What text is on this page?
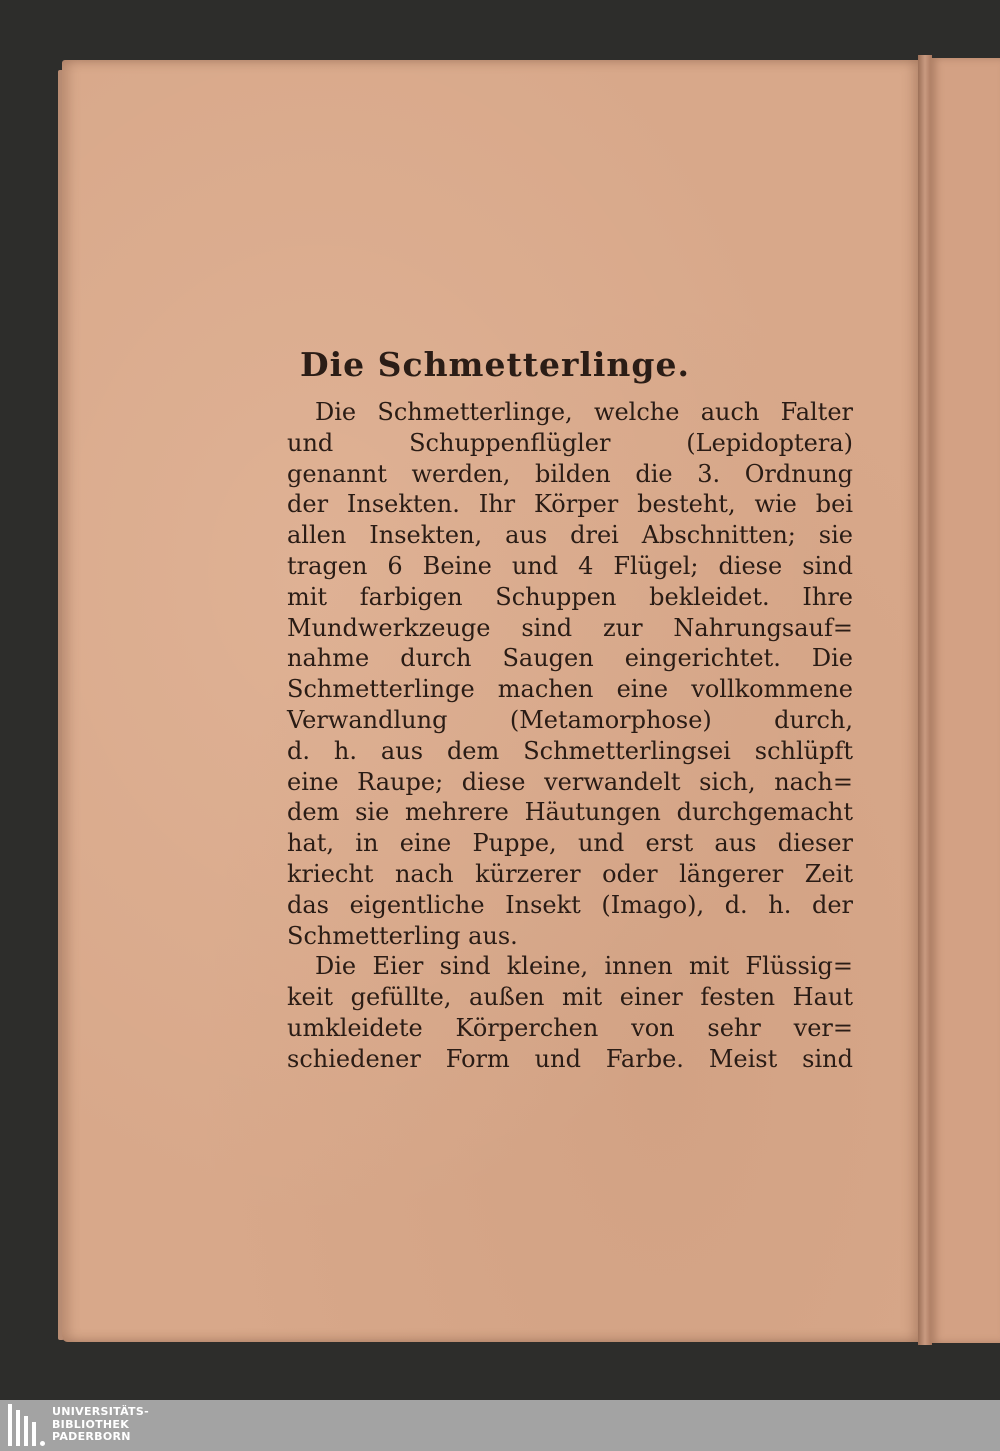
Die Schmetterlinge.
Die Schmetterlinge, welche auch Falter
und Schuppenflügler (Lepidoptera)
genannt werden, bilden die 3. Ordnung
der Insekten. Ihr Körper besteht, wie bei
allen Insekten, aus drei Abschnitten; sie
tragen 6 Beine und 4 Flügel; diese sind
mit farbigen Schuppen bekleidet. Ihre
Mundwerkzeuge sind zur Nahrungsauf=
nahme durch Saugen eingerichtet. Die
Schmetterlinge machen eine vollkommene
Verwandlung (Metamorphose) durch,
d. h. aus dem Schmetterlingsei schlüpft
eine Raupe; diese verwandelt sich, nach=
dem sie mehrere Häutungen durchgemacht
hat, in eine Puppe, und erst aus dieser
kriecht nach kürzerer oder längerer Zeit
das eigentliche Insekt (Imago), d. h. der
Schmetterling aus.
Die Eier sind kleine, innen mit Flüssig=
keit gefüllte, außen mit einer festen Haut
umkleidete Körperchen von sehr ver=
schiedener Form und Farbe. Meist sind
UNIVERSITÄTS-
BIBLIOTHEK
PADERBORN
